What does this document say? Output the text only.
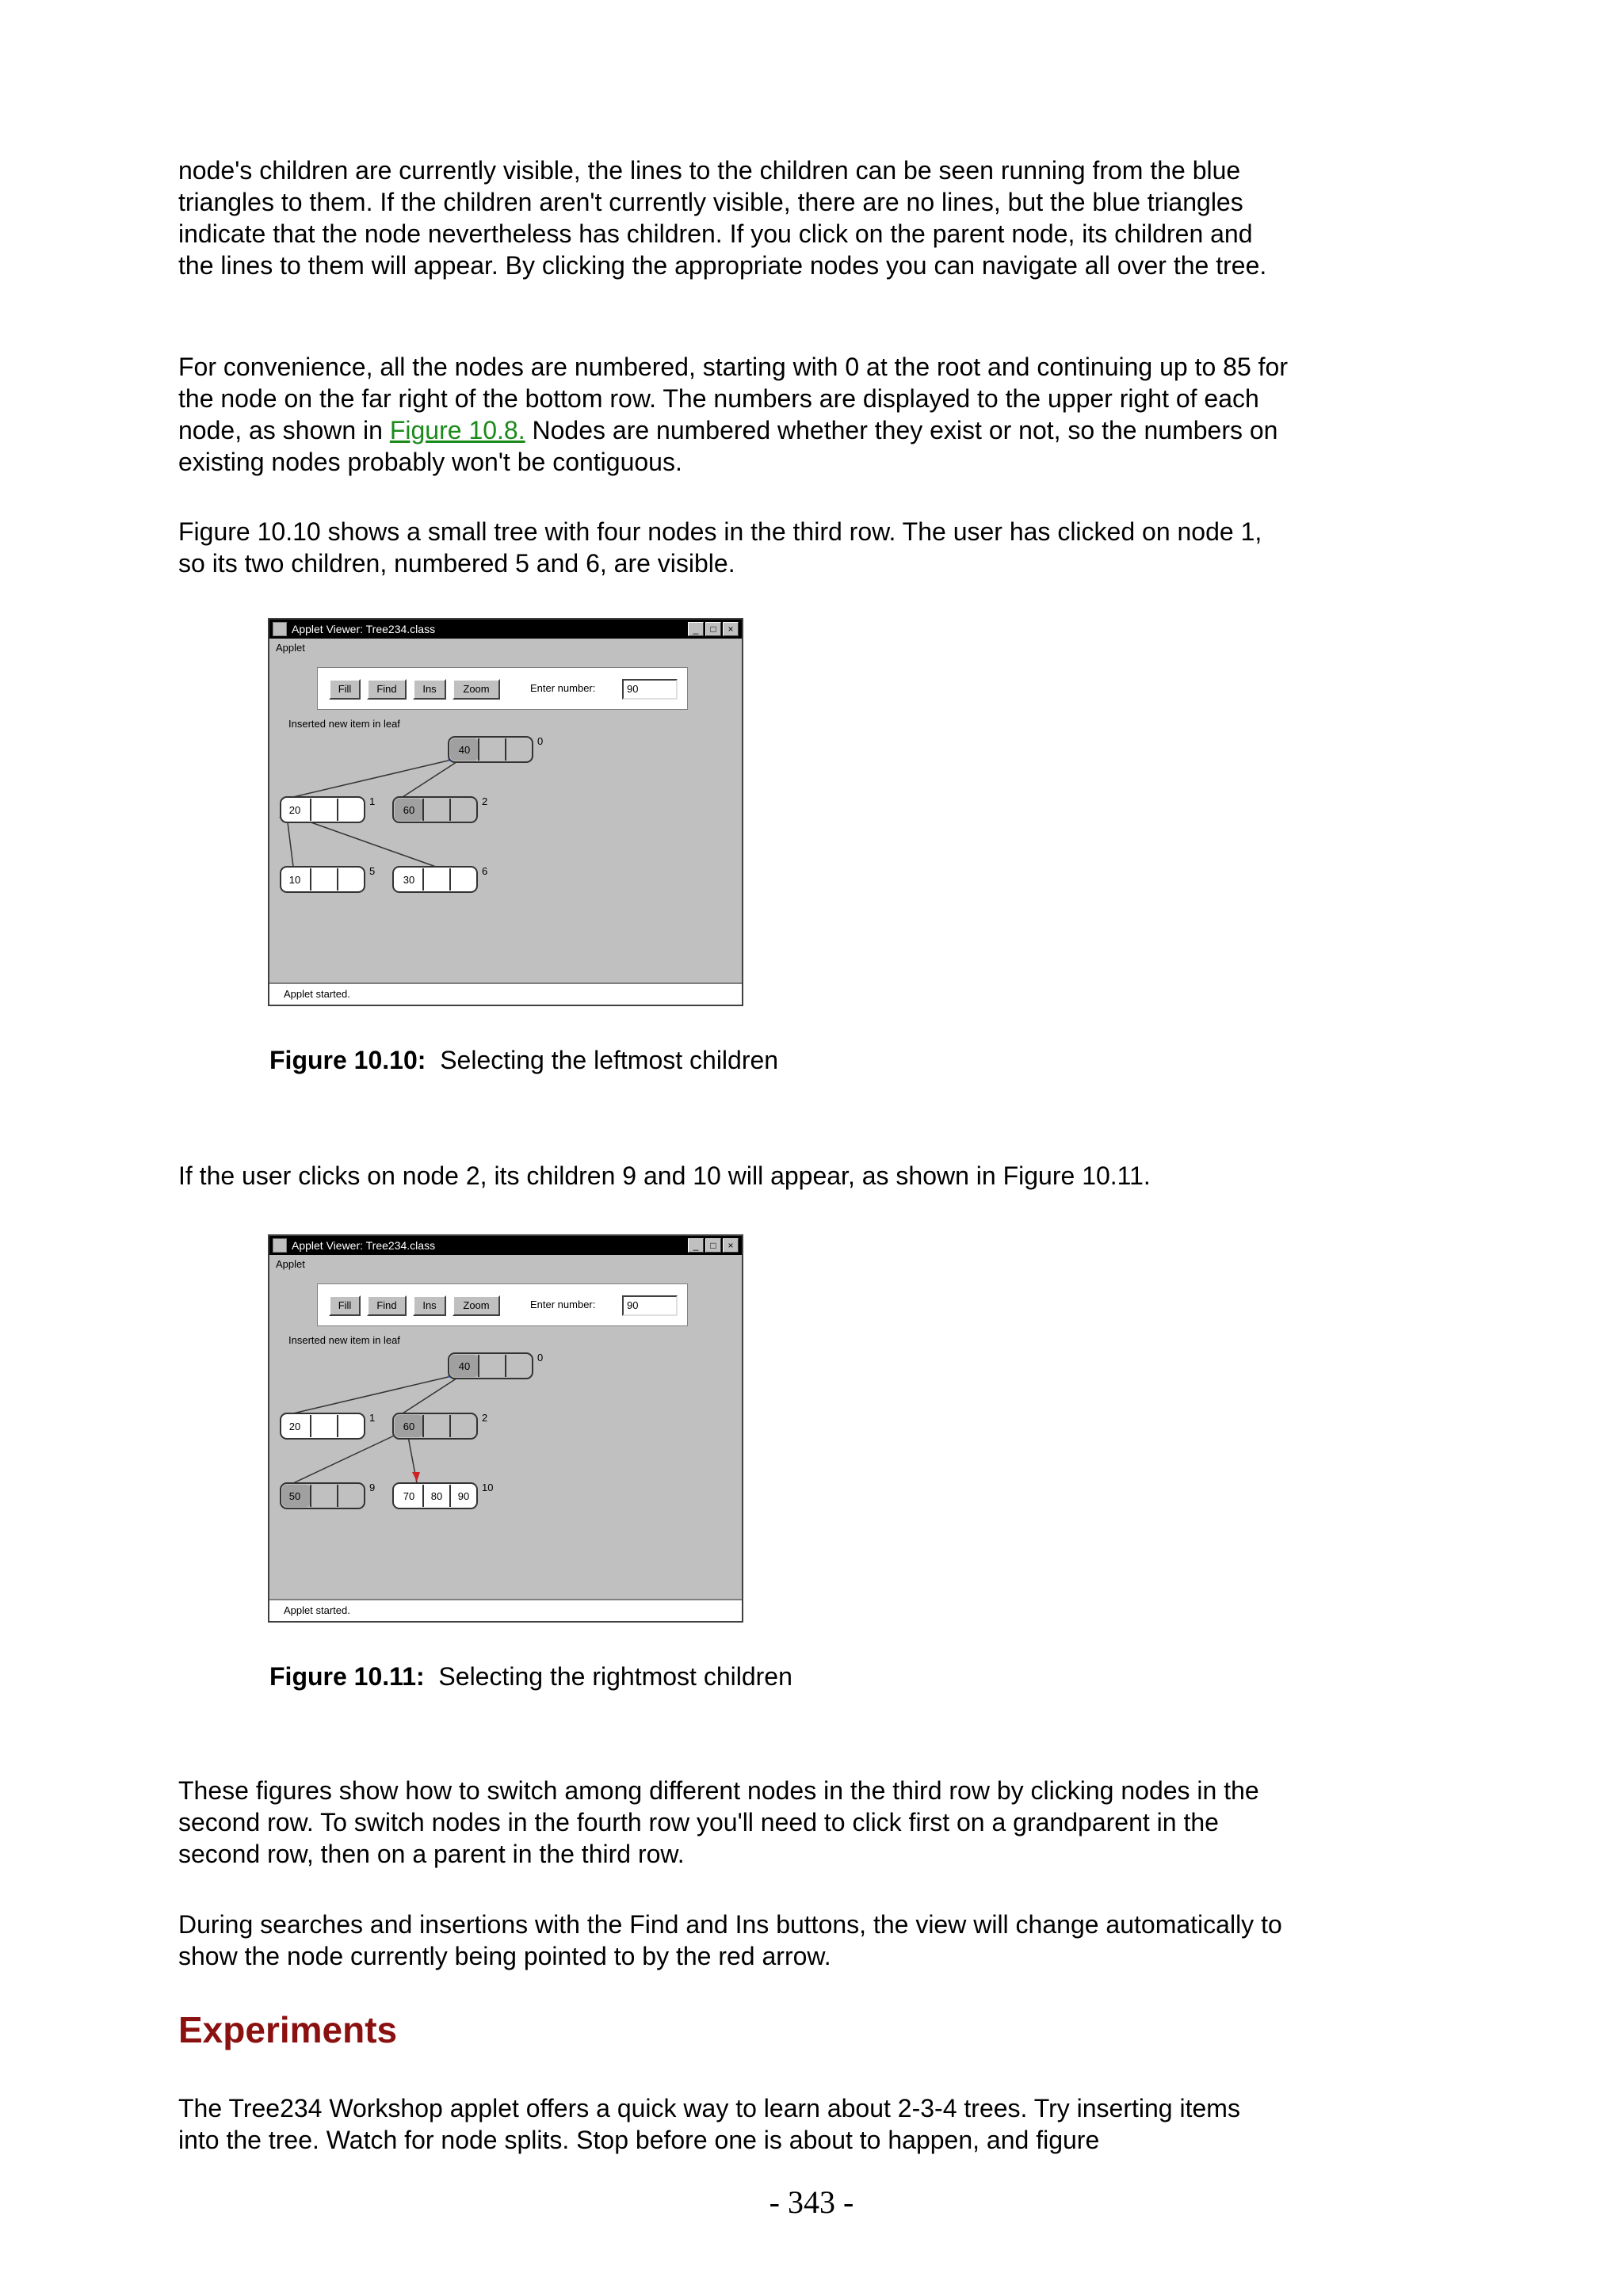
node's children are currently visible, the lines to the children can be seen running from the blue triangles to them. If the children aren't currently visible, there are no lines, but the blue triangles indicate that the node nevertheless has children. If you click on the parent node, its children and the lines to them will appear. By clicking the appropriate nodes you can navigate all over the tree.

For convenience, all the nodes are numbered, starting with 0 at the root and continuing up to 85 for the node on the far right of the bottom row. The numbers are displayed to the upper right of each node, as shown in Figure 10.8. Nodes are numbered whether they exist or not, so the numbers on existing nodes probably won't be contiguous.

Figure 10.10 shows a small tree with four nodes in the third row. The user has clicked on node 1, so its two children, numbered 5 and 6, are visible.

Applet Viewer: Tree234.class	_	□	×
Applet
Fill	Find	Ins	Zoom	Enter number:	90
Inserted new item in leaf
40
0
20
1
60
2
10
5
30
6
Applet started.

Figure 10.10: Selecting the leftmost children

If the user clicks on node 2, its children 9 and 10 will appear, as shown in Figure 10.11.

Applet Viewer: Tree234.class	_	□	×
Applet
Fill	Find	Ins	Zoom	Enter number:	90
Inserted new item in leaf
40
0
20
1
60
2
50
9
70 80 90
10
Applet started.

Figure 10.11: Selecting the rightmost children

These figures show how to switch among different nodes in the third row by clicking nodes in the second row. To switch nodes in the fourth row you'll need to click first on a grandparent in the second row, then on a parent in the third row.

During searches and insertions with the Find and Ins buttons, the view will change automatically to show the node currently being pointed to by the red arrow.

Experiments

The Tree234 Workshop applet offers a quick way to learn about 2-3-4 trees. Try inserting items into the tree. Watch for node splits. Stop before one is about to happen, and figure

- 343 -
